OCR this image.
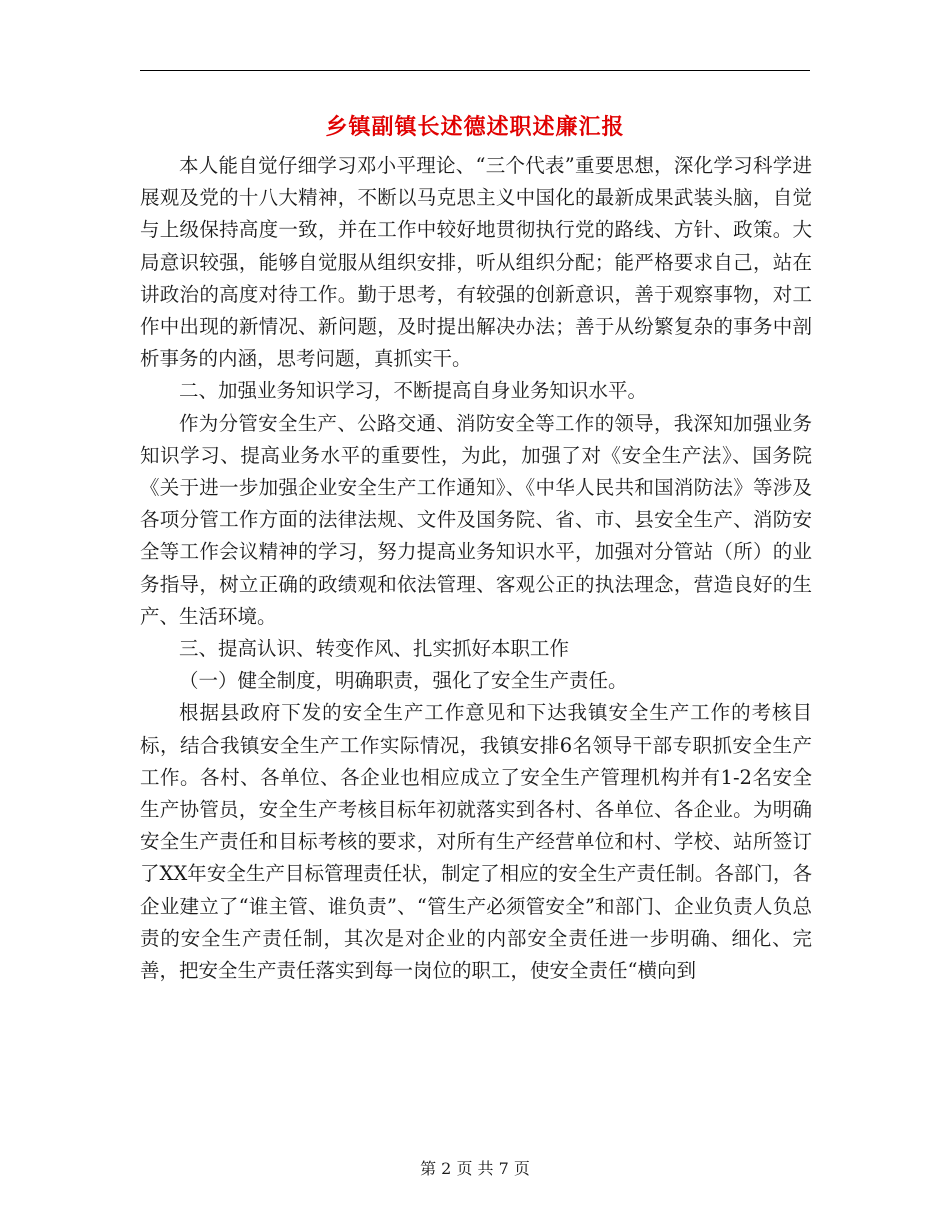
乡镇副镇长述德述职述廉汇报

本人能自觉仔细学习邓小平理论、“三个代表”重要思想，深化学习科学进展观及党的十八大精神，不断以马克思主义中国化的最新成果武装头脑，自觉与上级保持高度一致，并在工作中较好地贯彻执行党的路线、方针、政策。大局意识较强，能够自觉服从组织安排，听从组织分配；能严格要求自己，站在讲政治的高度对待工作。勤于思考，有较强的创新意识，善于观察事物，对工作中出现的新情况、新问题，及时提出解决办法；善于从纷繁复杂的事务中剖析事务的内涵，思考问题，真抓实干。

二、加强业务知识学习，不断提高自身业务知识水平。

作为分管安全生产、公路交通、消防安全等工作的领导，我深知加强业务知识学习、提高业务水平的重要性，为此，加强了对《安全生产法》、国务院《关于进一步加强企业安全生产工作通知》、《中华人民共和国消防法》等涉及各项分管工作方面的法律法规、文件及国务院、省、市、县安全生产、消防安全等工作会议精神的学习，努力提高业务知识水平，加强对分管站（所）的业务指导，树立正确的政绩观和依法管理、客观公正的执法理念，营造良好的生产、生活环境。

三、提高认识、转变作风、扎实抓好本职工作

（一）健全制度，明确职责，强化了安全生产责任。

根据县政府下发的安全生产工作意见和下达我镇安全生产工作的考核目标，结合我镇安全生产工作实际情况，我镇安排6名领导干部专职抓安全生产工作。各村、各单位、各企业也相应成立了安全生产管理机构并有1-2名安全生产协管员，安全生产考核目标年初就落实到各村、各单位、各企业。为明确安全生产责任和目标考核的要求，对所有生产经营单位和村、学校、站所签订了XX年安全生产目标管理责任状，制定了相应的安全生产责任制。各部门，各企业建立了“谁主管、谁负责”、“管生产必须管安全”和部门、企业负责人负总责的安全生产责任制，其次是对企业的内部安全责任进一步明确、细化、完善，把安全生产责任落实到每一岗位的职工，使安全责任“横向到

第 2 页 共 7 页
